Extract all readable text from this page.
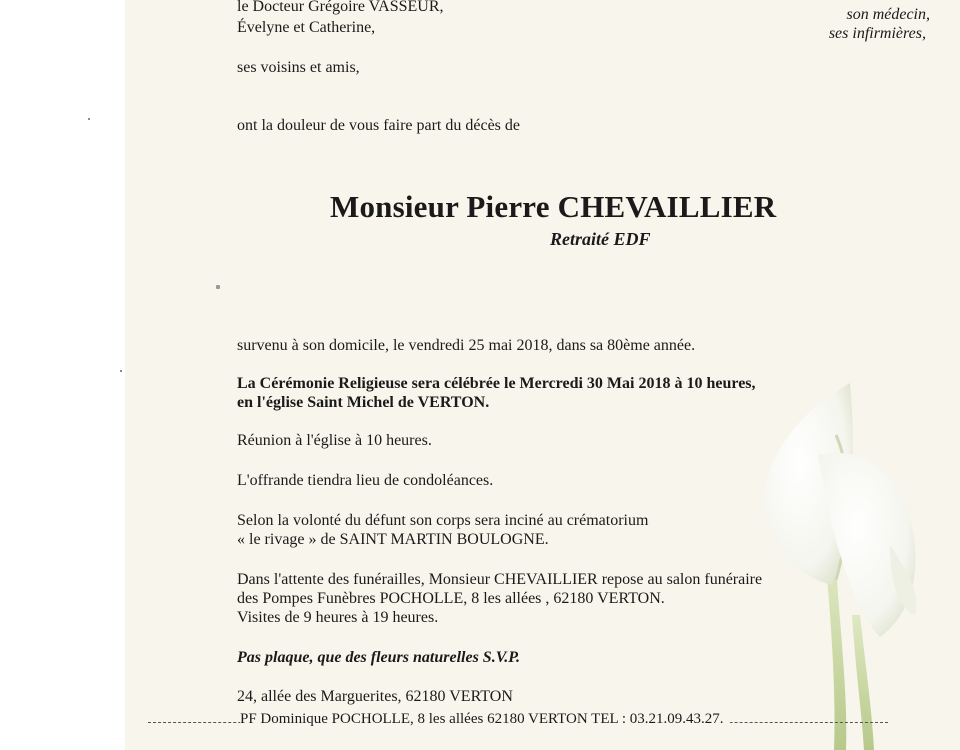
le Docteur Grégoire VASSEUR,
Évelyne et Catherine,
ses voisins et amis,
ont la douleur de vous faire part du décès de
son médecin,
ses infirmières,
Monsieur Pierre CHEVAILLIER
Retraité EDF
survenu à son domicile, le vendredi 25 mai 2018, dans sa 80ème année.
La Cérémonie Religieuse sera célébrée le Mercredi 30 Mai 2018 à 10 heures,
en l'église Saint Michel de VERTON.
Réunion à l'église à 10 heures.
L'offrande tiendra lieu de condoléances.
Selon la volonté du défunt son corps sera inciné au crématorium
« le rivage » de SAINT MARTIN BOULOGNE.
Dans l'attente des funérailles, Monsieur CHEVAILLIER repose au salon funéraire
des Pompes Funèbres POCHOLLE, 8 les allées , 62180 VERTON.
Visites de 9 heures à 19 heures.
Pas plaque, que des fleurs naturelles S.V.P.
24, allée des Marguerites, 62180 VERTON
PF Dominique POCHOLLE, 8 les allées 62180 VERTON TEL : 03.21.09.43.27.
